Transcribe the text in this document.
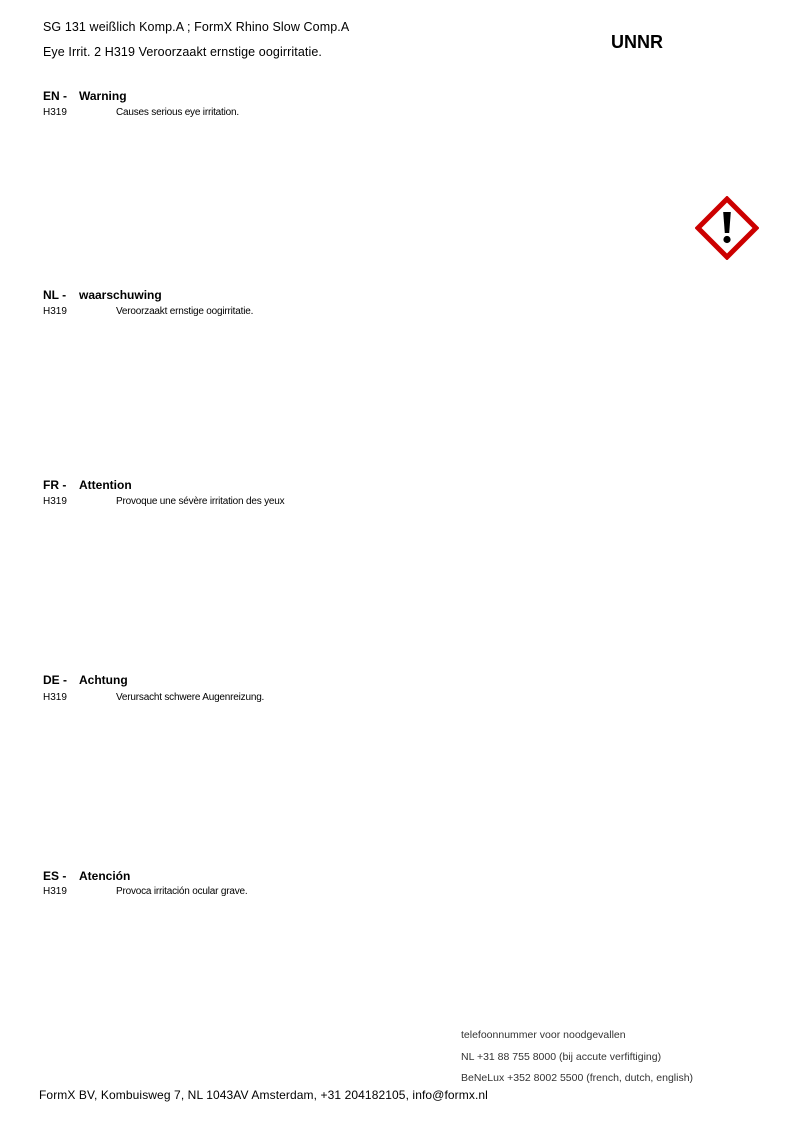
SG 131 weißlich Komp.A ; FormX Rhino Slow Comp.A
Eye Irrit. 2 H319 Veroorzaakt ernstige oogirritatie.	UNNR
EN - Warning
H319	Causes serious eye irritation.
NL - waarschuwing
H319	Veroorzaakt ernstige oogirritatie.
FR - Attention
H319	Provoque une sévère irritation des yeux
DE - Achtung
H319	Verursacht schwere Augenreizung.
ES - Atención
H319	Provoca irritación ocular grave.
telefoonnummer voor noodgevallen
NL +31 88 755 8000 (bij accute verfiftiging)
BeNeLux +352 8002 5500 (french, dutch, english)
FormX BV, Kombuisweg 7, NL 1043AV Amsterdam, +31 204182105, info@formx.nl
